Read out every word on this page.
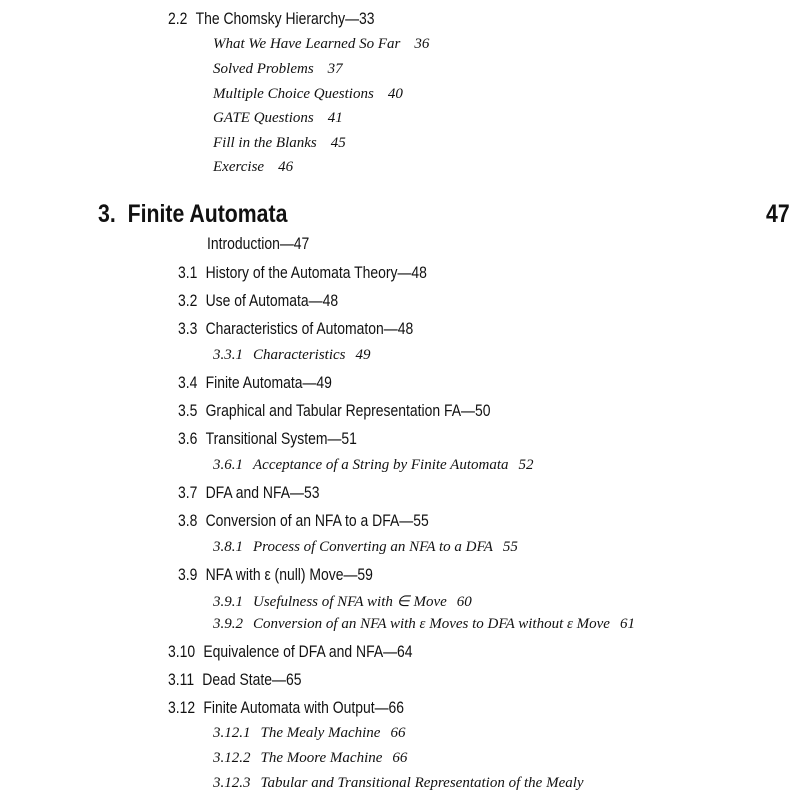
2.2 The Chomsky Hierarchy—33
What We Have Learned So Far 36
Solved Problems 37
Multiple Choice Questions 40
GATE Questions 41
Fill in the Blanks 45
Exercise 46
3. Finite Automata	47
Introduction—47
3.1 History of the Automata Theory—48
3.2 Use of Automata—48
3.3 Characteristics of Automaton—48
3.3.1 Characteristics 49
3.4 Finite Automata—49
3.5 Graphical and Tabular Representation FA—50
3.6 Transitional System—51
3.6.1 Acceptance of a String by Finite Automata 52
3.7 DFA and NFA—53
3.8 Conversion of an NFA to a DFA—55
3.8.1 Process of Converting an NFA to a DFA 55
3.9 NFA with ε (null) Move—59
3.9.1 Usefulness of NFA with ∈ Move 60
3.9.2 Conversion of an NFA with ε Moves to DFA without ε Move 61
3.10 Equivalence of DFA and NFA—64
3.11 Dead State—65
3.12 Finite Automata with Output—66
3.12.1 The Mealy Machine 66
3.12.2 The Moore Machine 66
3.12.3 Tabular and Transitional Representation of the Mealy
